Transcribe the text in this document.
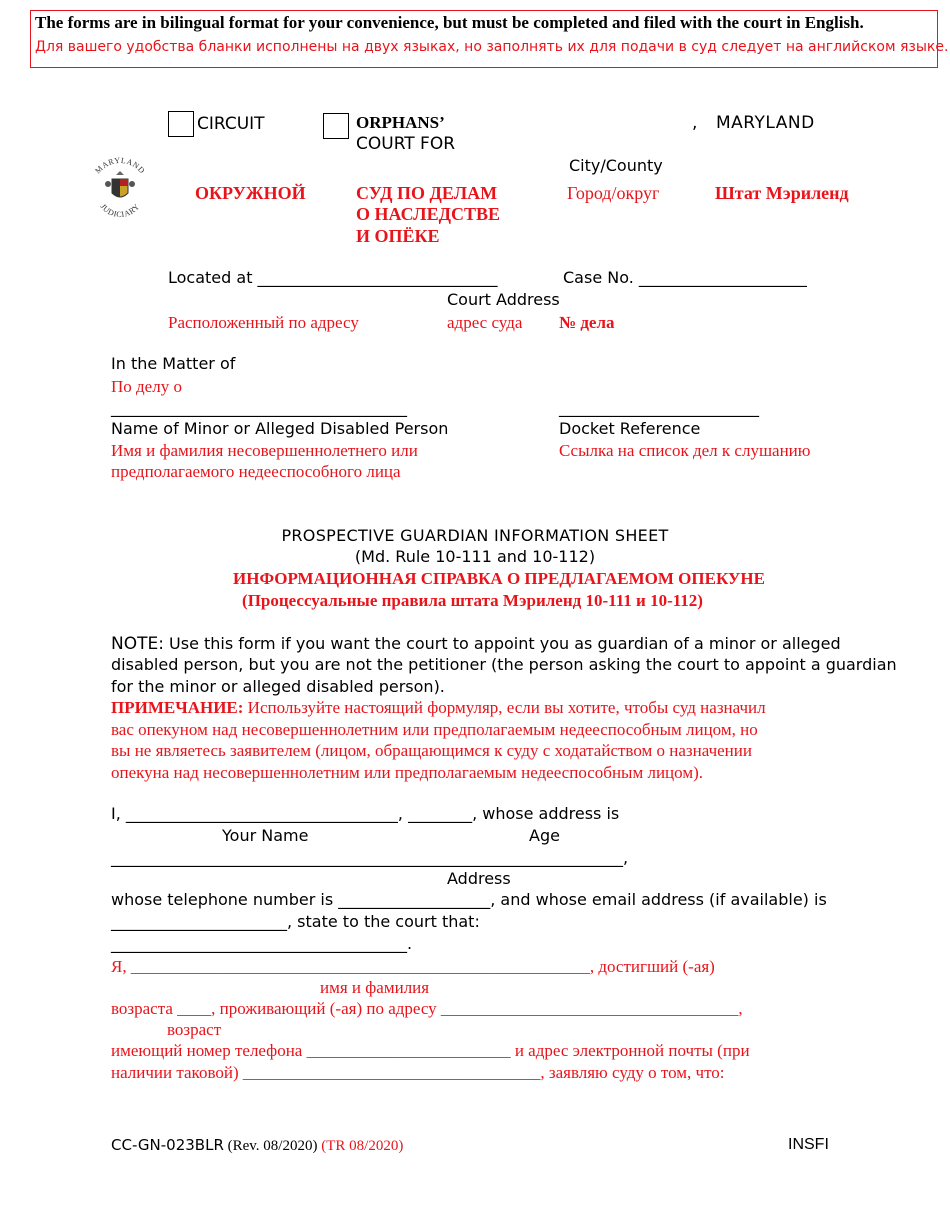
The forms are in bilingual format for your convenience, but must be completed and filed with the court in English.
Для вашего удобства бланки исполнены на двух языках, но заполнять их для подачи в суд следует на английском языке.
MARYLAND
JUDICIARY
CIRCUIT	ORPHANS’
COURT FOR
, MARYLAND
City/County
ОКРУЖНОЙ	СУД ПО ДЕЛАМ
О НАСЛЕДСТВЕ
И ОПЁКЕ
Город/округ	Штат Мэриленд
Located at ______________________________	Case No. _____________________
Court Address
Расположенный по адресу	адрес суда № дела
In the Matter of
По делу о
_____________________________________	_________________________
Name of Minor or Alleged Disabled Person	Docket Reference
Имя и фамилия несовершеннолетнего или	Ссылка на список дел к слушанию
предполагаемого недееспособного лица
PROSPECTIVE GUARDIAN INFORMATION SHEET
(Md. Rule 10-111 and 10-112)
ИНФОРМАЦИОННАЯ СПРАВКА О ПРЕДЛАГАЕМОМ ОПЕКУНЕ
(Процессуальные правила штата Мэриленд 10-111 и 10-112)
NOTE: Use this form if you want the court to appoint you as guardian of a minor or alleged
disabled person, but you are not the petitioner (the person asking the court to appoint a guardian
for the minor or alleged disabled person).
ПРИМЕЧАНИЕ: Используйте настоящий формуляр, если вы хотите, чтобы суд назначил
вас опекуном над несовершеннолетним или предполагаемым недееспособным лицом, но
вы не являетесь заявителем (лицом, обращающимся к суду с ходатайством о назначении
опекуна над несовершеннолетним или предполагаемым недееспособным лицом).
I, __________________________________, ________, whose address is
Your Name	Age
________________________________________________________________,
Address
whose telephone number is ___________________, and whose email address (if available) is
______________________, state to the court that:
_____________________________________.
Я, ______________________________________________________, достигший (-ая)
имя и фамилия
возраста ____, проживающий (-ая) по адресу ___________________________________,
возраст
имеющий номер телефона ________________________ и адрес электронной почты (при
наличии таковой) ___________________________________, заявляю суду о том, что:
CC-GN-023BLR (Rev. 08/2020) (TR 08/2020)	INSFI
